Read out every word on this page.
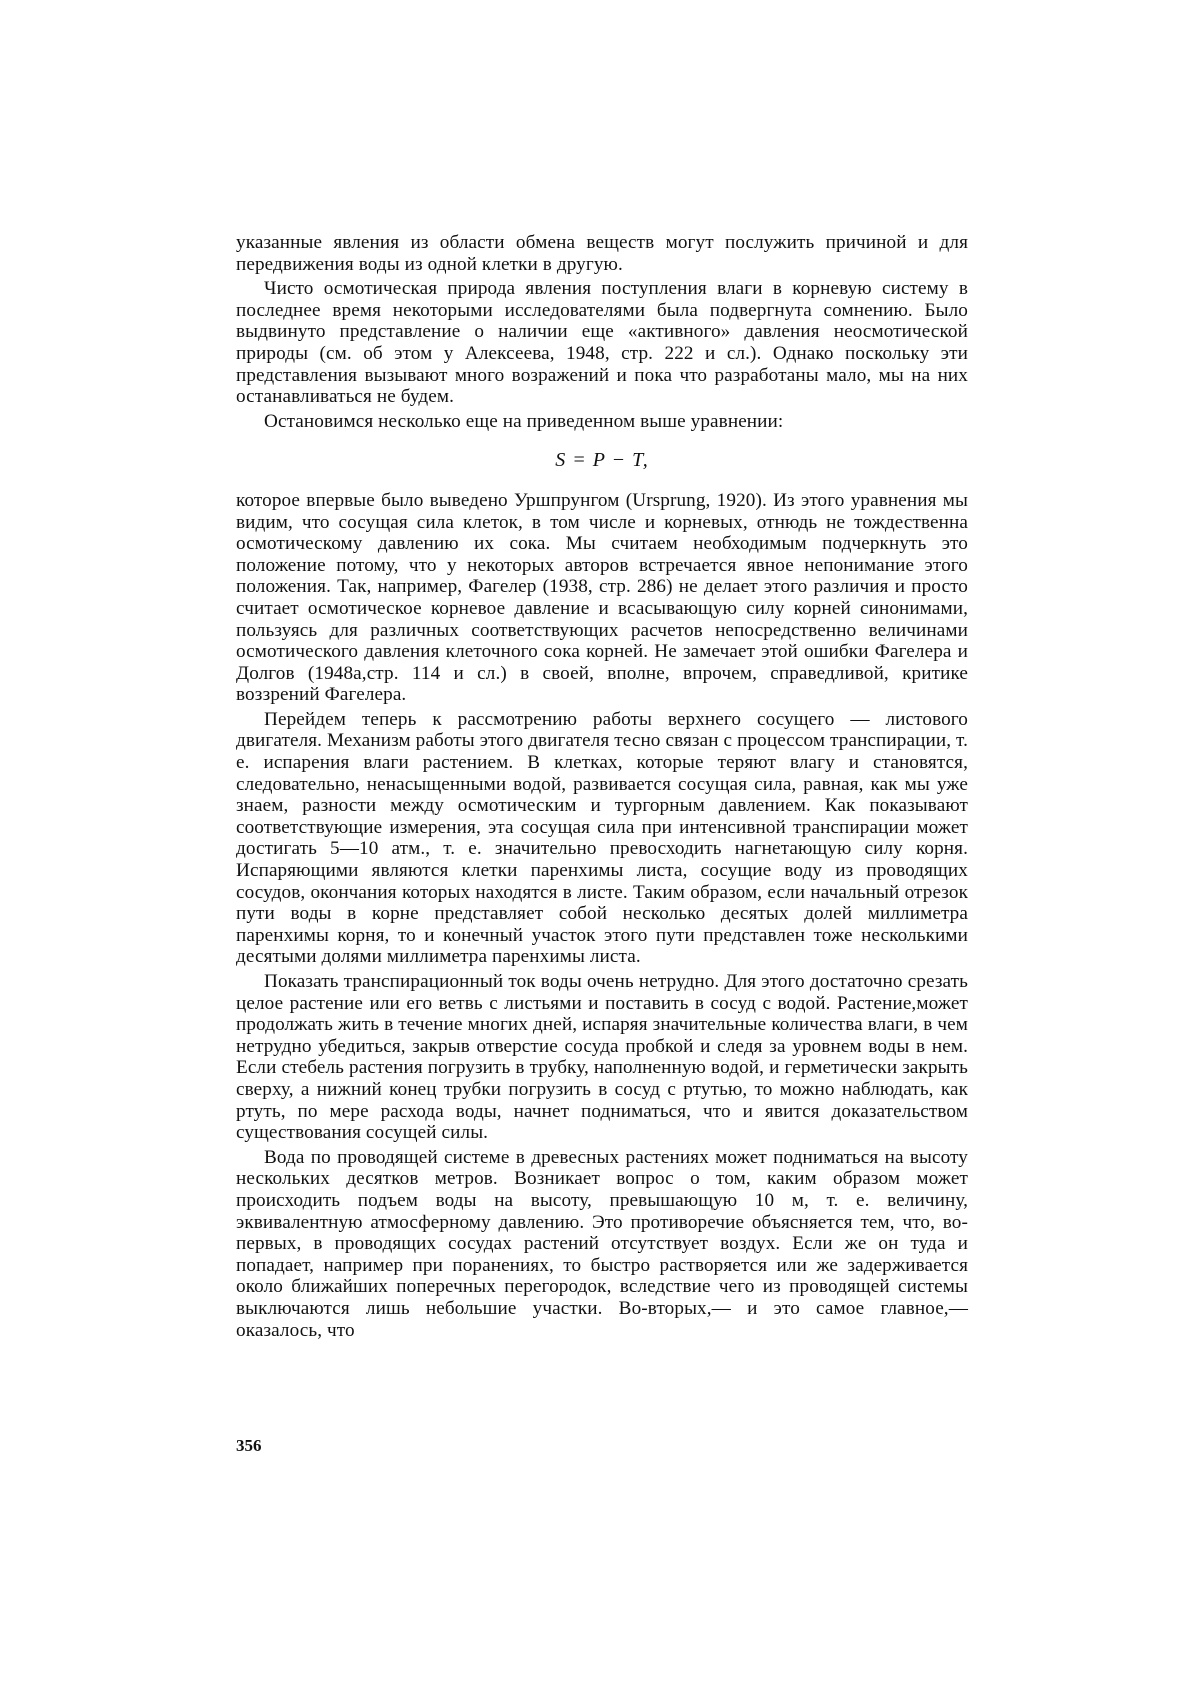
указанные явления из области обмена веществ могут послужить причиной и для передвижения воды из одной клетки в другую.

Чисто осмотическая природа явления поступления влаги в корневую систему в последнее время некоторыми исследователями была подвергнута сомнению. Было выдвинуто представление о наличии еще «активного» давления неосмотической природы (см. об этом у Алексеева, 1948, стр. 222 и сл.). Однако поскольку эти представления вызывают много возражений и пока что разработаны мало, мы на них останавливаться не будем.

Остановимся несколько еще на приведенном выше уравнении:

S = P − T,

которое впервые было выведено Уршпрунгом (Ursprung, 1920). Из этого уравнения мы видим, что сосущая сила клеток, в том числе и корневых, отнюдь не тождественна осмотическому давлению их сока. Мы считаем необходимым подчеркнуть это положение потому, что у некоторых авторов встречается явное непонимание этого положения. Так, например, Фагелер (1938, стр. 286) не делает этого различия и просто считает осмотическое корневое давление и всасывающую силу корней синонимами, пользуясь для различных соответствующих расчетов непосредственно величинами осмотического давления клеточного сока корней. Не замечает этой ошибки Фагелера и Долгов (1948а,стр. 114 и сл.) в своей, вполне, впрочем, справедливой, критике воззрений Фагелера.

Перейдем теперь к рассмотрению работы верхнего сосущего — листового двигателя. Механизм работы этого двигателя тесно связан с процессом транспирации, т. е. испарения влаги растением. В клетках, которые теряют влагу и становятся, следовательно, ненасыщенными водой, развивается сосущая сила, равная, как мы уже знаем, разности между осмотическим и тургорным давлением. Как показывают соответствующие измерения, эта сосущая сила при интенсивной транспирации может достигать 5—10 атм., т. е. значительно превосходить нагнетающую силу корня. Испаряющими являются клетки паренхимы листа, сосущие воду из проводящих сосудов, окончания которых находятся в листе. Таким образом, если начальный отрезок пути воды в корне представляет собой несколько десятых долей миллиметра паренхимы корня, то и конечный участок этого пути представлен тоже несколькими десятыми долями миллиметра паренхимы листа.

Показать транспирационный ток воды очень нетрудно. Для этого достаточно срезать целое растение или его ветвь с листьями и поставить в сосуд с водой. Растение,может продолжать жить в течение многих дней, испаряя значительные количества влаги, в чем нетрудно убедиться, закрыв отверстие сосуда пробкой и следя за уровнем воды в нем. Если стебель растения погрузить в трубку, наполненную водой, и герметически закрыть сверху, а нижний конец трубки погрузить в сосуд с ртутью, то можно наблюдать, как ртуть, по мере расхода воды, начнет подниматься, что и явится доказательством существования сосущей силы.

Вода по проводящей системе в древесных растениях может подниматься на высоту нескольких десятков метров. Возникает вопрос о том, каким образом может происходить подъем воды на высоту, превышающую 10 м, т. е. величину, эквивалентную атмосферному давлению. Это противоречие объясняется тем, что, во-первых, в проводящих сосудах растений отсутствует воздух. Если же он туда и попадает, например при поранениях, то быстро растворяется или же задерживается около ближайших поперечных перегородок, вследствие чего из проводящей системы выключаются лишь небольшие участки. Во-вторых,— и это самое главное,— оказалось, что

356
